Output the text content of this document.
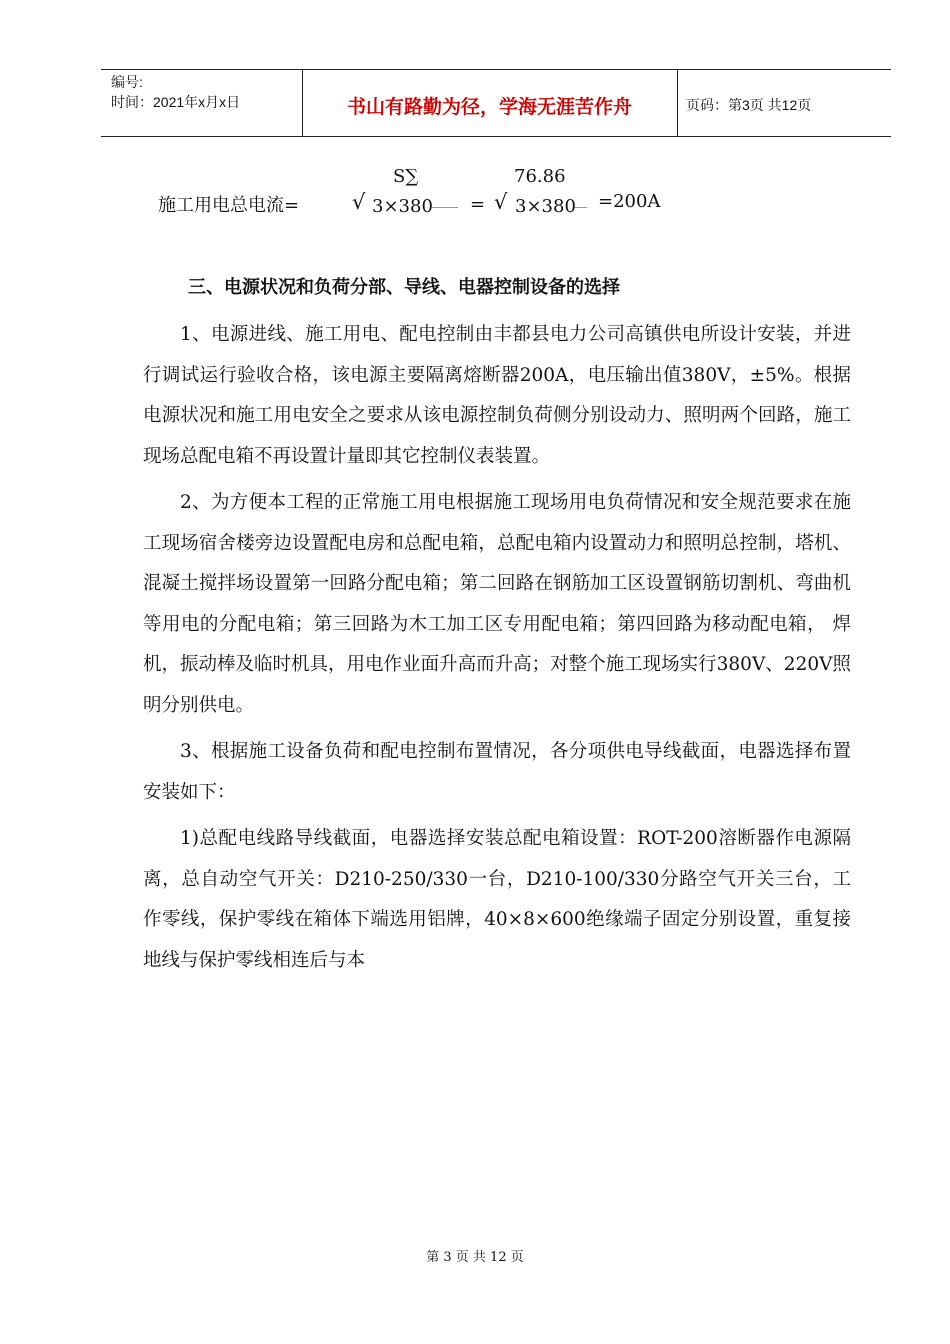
编号:
时间：2021年x月x日	书山有路勤为径，学海无涯苦作舟	页码：第3页 共12页
施工用电总电流=
S∑
√ 3×380 =
76.86
√ 3×380 =200A
三、电源状况和负荷分部、导线、电器控制设备的选择

1、电源进线、施工用电、配电控制由丰都县电力公司高镇供电所设计安装，并进行调试运行验收合格，该电源主要隔离熔断器200A，电压输出值380V，±5%。根据电源状况和施工用电安全之要求从该电源控制负荷侧分别设动力、照明两个回路，施工现场总配电箱不再设置计量即其它控制仪表装置。

2、为方便本工程的正常施工用电根据施工现场用电负荷情况和安全规范要求在施工现场宿舍楼旁边设置配电房和总配电箱，总配电箱内设置动力和照明总控制，塔机、混凝土搅拌场设置第一回路分配电箱；第二回路在钢筋加工区设置钢筋切割机、弯曲机等用电的分配电箱；第三回路为木工加工区专用配电箱；第四回路为移动配电箱， 焊机，振动棒及临时机具，用电作业面升高而升高；对整个施工现场实行380V、220V照明分别供电。

3、根据施工设备负荷和配电控制布置情况，各分项供电导线截面，电器选择布置安装如下：

1)总配电线路导线截面，电器选择安装总配电箱设置：ROT-200溶断器作电源隔离，总自动空气开关：D210-250/330一台，D210-100/330分路空气开关三台，工作零线，保护零线在箱体下端选用铝牌，40×8×600绝缘端子固定分别设置，重复接地线与保护零线相连后与本

第 3 页 共 12 页
